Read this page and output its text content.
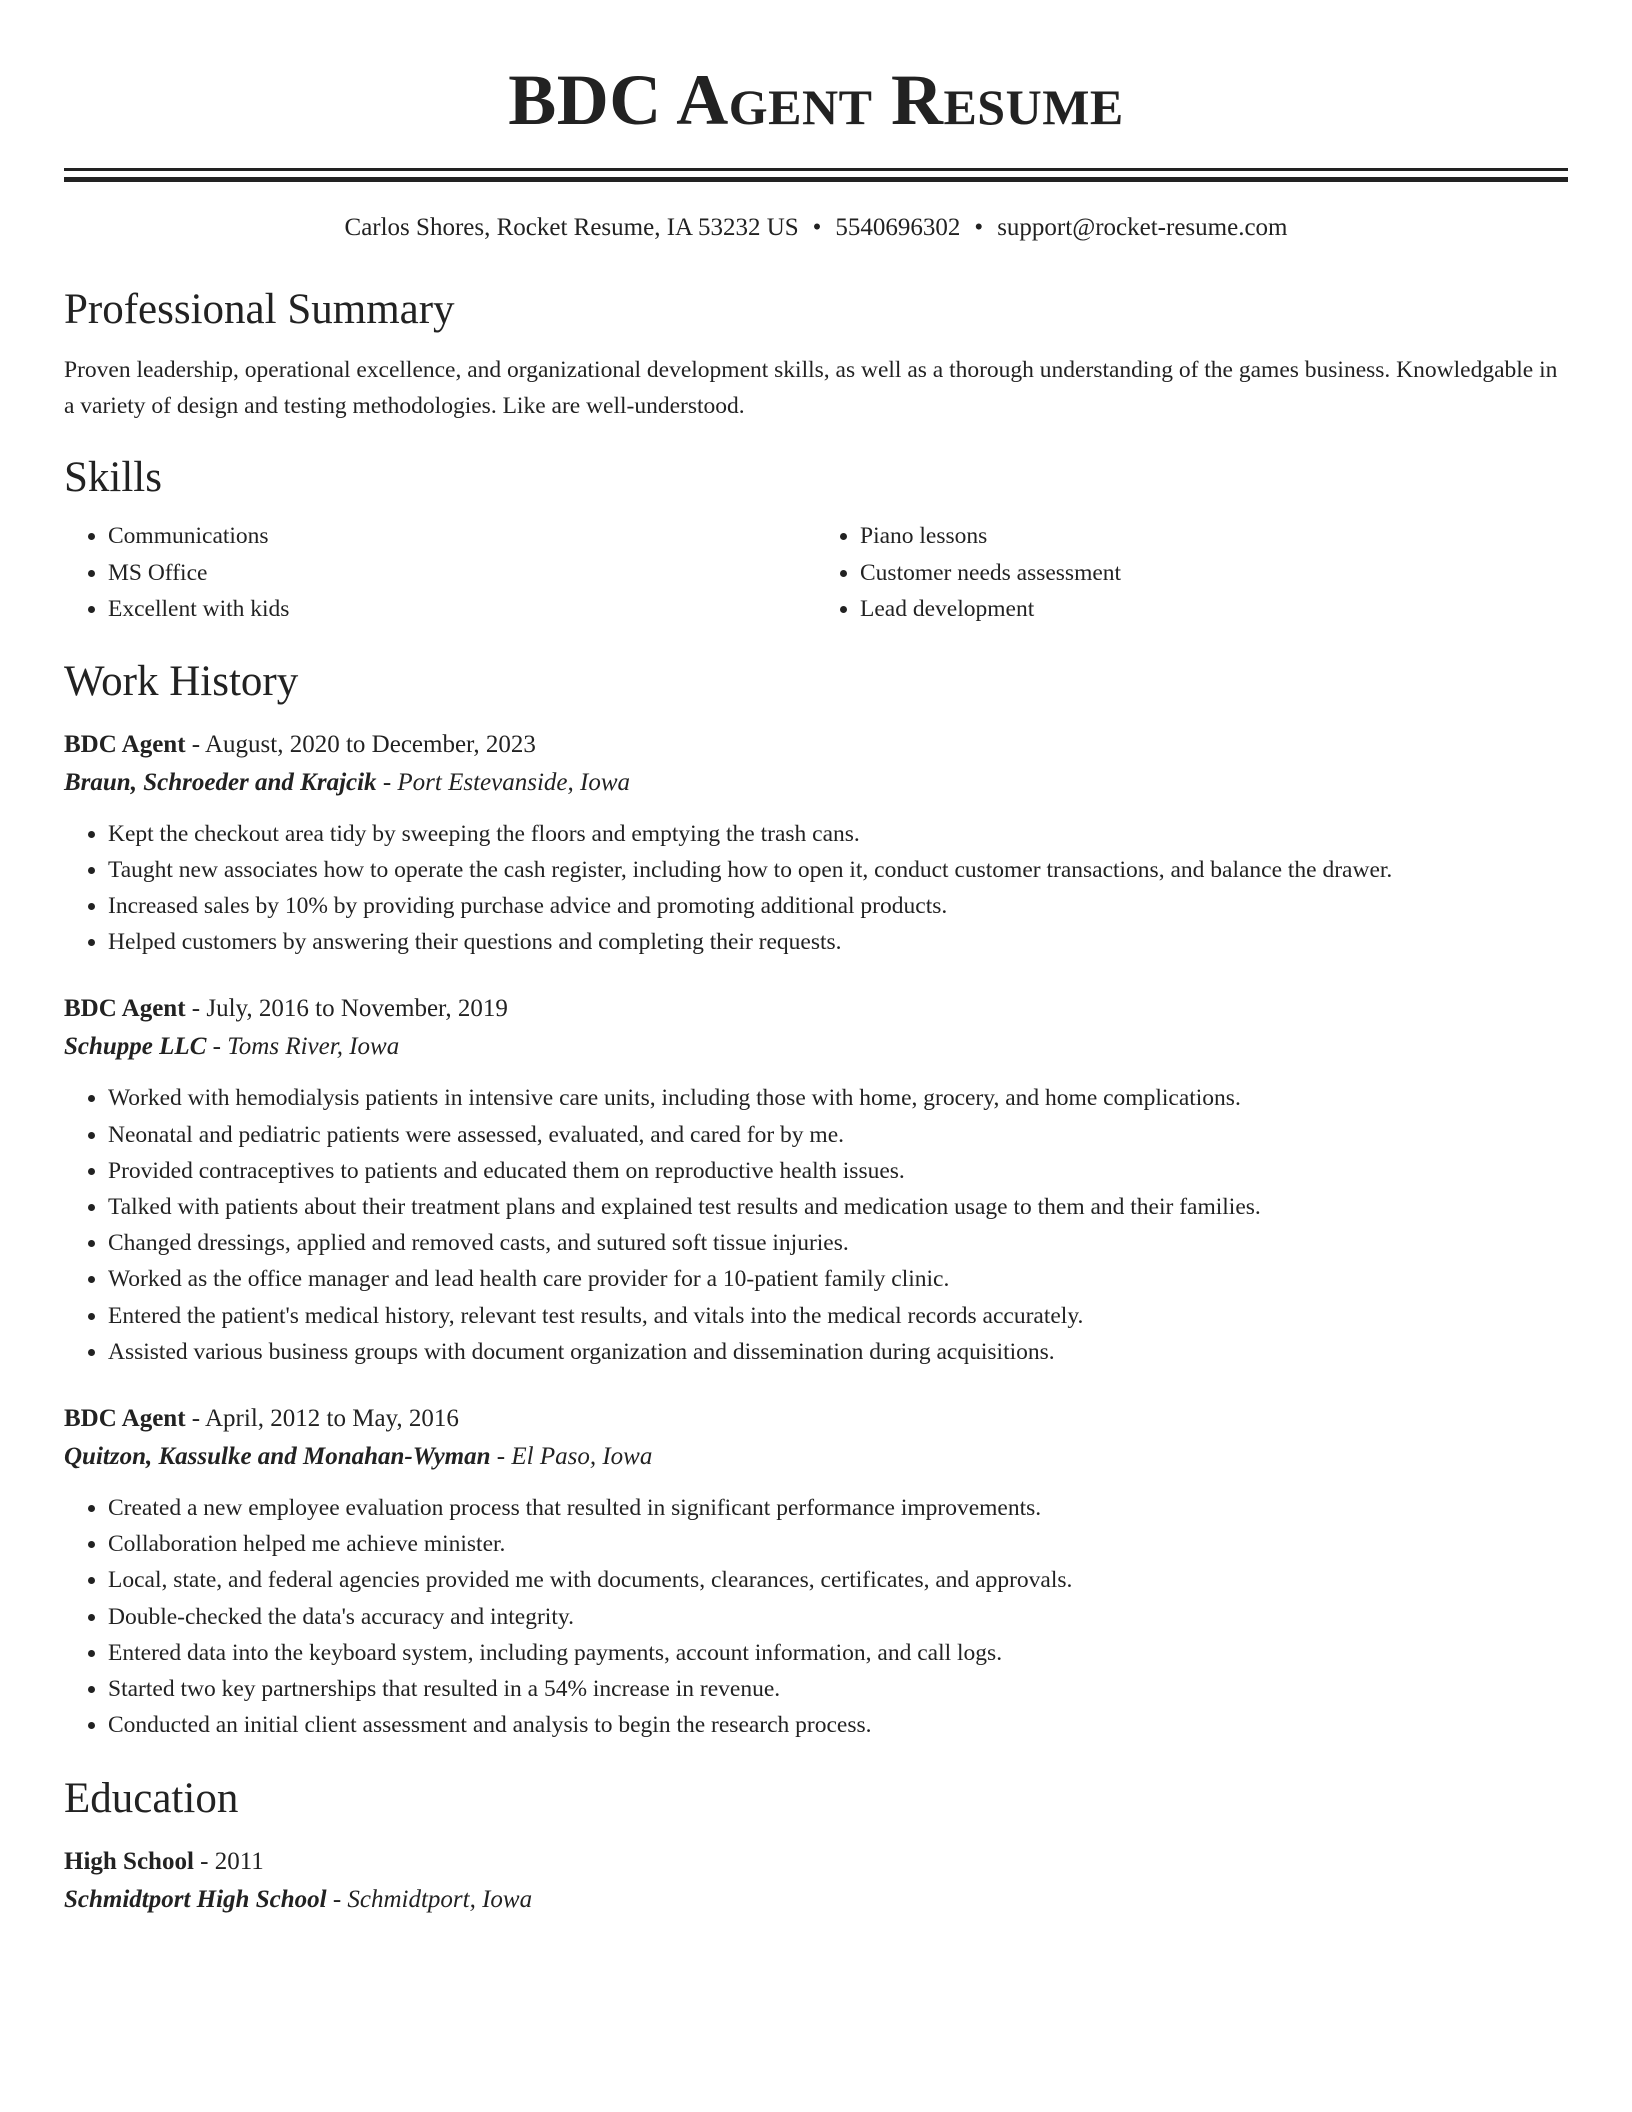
BDC Agent Resume
Carlos Shores, Rocket Resume, IA 53232 US • 5540696302 • support@rocket-resume.com
Professional Summary

Proven leadership, operational excellence, and organizational development skills, as well as a thorough understanding of the games business. Knowledgable in a variety of design and testing methodologies. Like are well-understood.

Skills
• Communications
• MS Office
• Excellent with kids
• Piano lessons
• Customer needs assessment
• Lead development
Work History
BDC Agent - August, 2020 to December, 2023
Braun, Schroeder and Krajcik - Port Estevanside, Iowa
• Kept the checkout area tidy by sweeping the floors and emptying the trash cans.
• Taught new associates how to operate the cash register, including how to open it, conduct customer transactions, and balance the drawer.
• Increased sales by 10% by providing purchase advice and promoting additional products.
• Helped customers by answering their questions and completing their requests.
BDC Agent - July, 2016 to November, 2019
Schuppe LLC - Toms River, Iowa
• Worked with hemodialysis patients in intensive care units, including those with home, grocery, and home complications.
• Neonatal and pediatric patients were assessed, evaluated, and cared for by me.
• Provided contraceptives to patients and educated them on reproductive health issues.
• Talked with patients about their treatment plans and explained test results and medication usage to them and their families.
• Changed dressings, applied and removed casts, and sutured soft tissue injuries.
• Worked as the office manager and lead health care provider for a 10-patient family clinic.
• Entered the patient's medical history, relevant test results, and vitals into the medical records accurately.
• Assisted various business groups with document organization and dissemination during acquisitions.
BDC Agent - April, 2012 to May, 2016
Quitzon, Kassulke and Monahan-Wyman - El Paso, Iowa
• Created a new employee evaluation process that resulted in significant performance improvements.
• Collaboration helped me achieve minister.
• Local, state, and federal agencies provided me with documents, clearances, certificates, and approvals.
• Double-checked the data's accuracy and integrity.
• Entered data into the keyboard system, including payments, account information, and call logs.
• Started two key partnerships that resulted in a 54% increase in revenue.
• Conducted an initial client assessment and analysis to begin the research process.
Education
High School - 2011
Schmidtport High School - Schmidtport, Iowa
